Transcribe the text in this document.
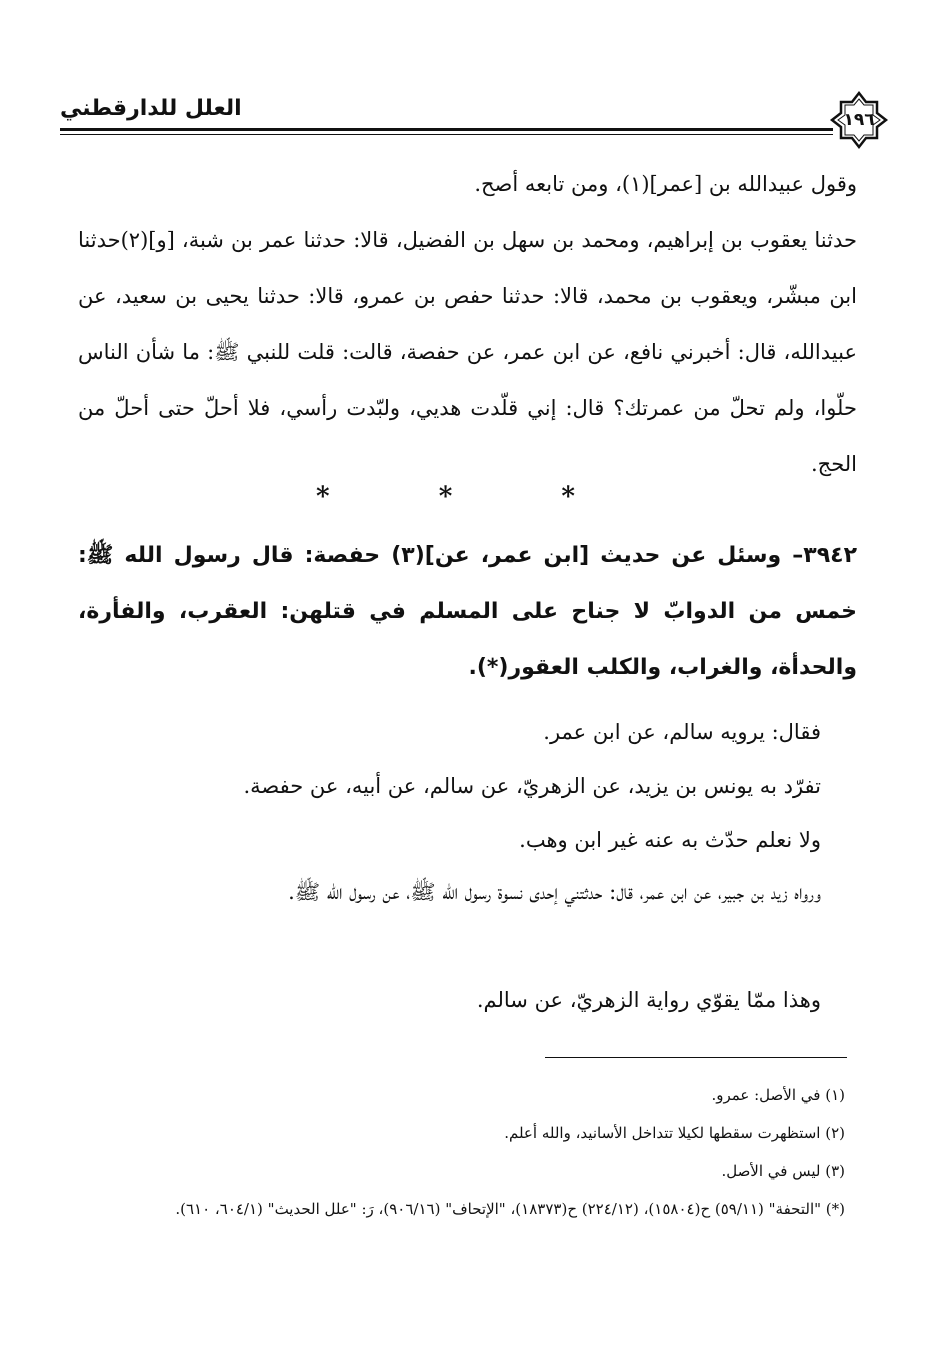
العلل للدارقطني	١٩٦
وقول عبيدالله بن [عمر](١)، ومن تابعه أصح.
حدثنا يعقوب بن إبراهيم، ومحمد بن سهل بن الفضيل، قالا: حدثنا عمر بن شبة، [و](٢)حدثنا ابن مبشّر، ويعقوب بن محمد، قالا: حدثنا حفص بن عمرو، قالا: حدثنا يحيى بن سعيد، عن عبيدالله، قال: أخبرني نافع، عن ابن عمر، عن حفصة، قالت: قلت للنبي ﷺ: ما شأن الناس حلّوا، ولم تحلّ من عمرتك؟ قال: إني قلّدت هديي، ولبّدت رأسي، فلا أحلّ حتى أحلّ من الحج.
* * *
٣٩٤٢– وسئل عن حديث [ابن عمر، عن](٣) حفصة: قال رسول الله ﷺ: خمس من الدوابّ لا جناح على المسلم في قتلهن: العقرب، والفأرة، والحدأة، والغراب، والكلب العقور(*).
فقال: يرويه سالم، عن ابن عمر.
تفرّد به يونس بن يزيد، عن الزهريّ، عن سالم، عن أبيه، عن حفصة.
ولا نعلم حدّث به عنه غير ابن وهب.
ورواه زيد بن جبير، عن ابن عمر، قال: حدثتني إحدى نسوة رسول الله ﷺ، عن رسول الله ﷺ.
وهذا ممّا يقوّي رواية الزهريّ، عن سالم.
(١) في الأصل: عمرو.
(٢) استظهرت سقطها لكيلا تتداخل الأسانيد، والله أعلم.
(٣) ليس في الأصل.
(*) "التحفة" (٥٩/١١) ح(١٥٨٠٤)، (٢٢٤/١٢) ح(١٨٣٧٣)، "الإتحاف" (٩٠٦/١٦)، رَ: "علل الحديث" (٦٠٤/١، ٦١٠).
